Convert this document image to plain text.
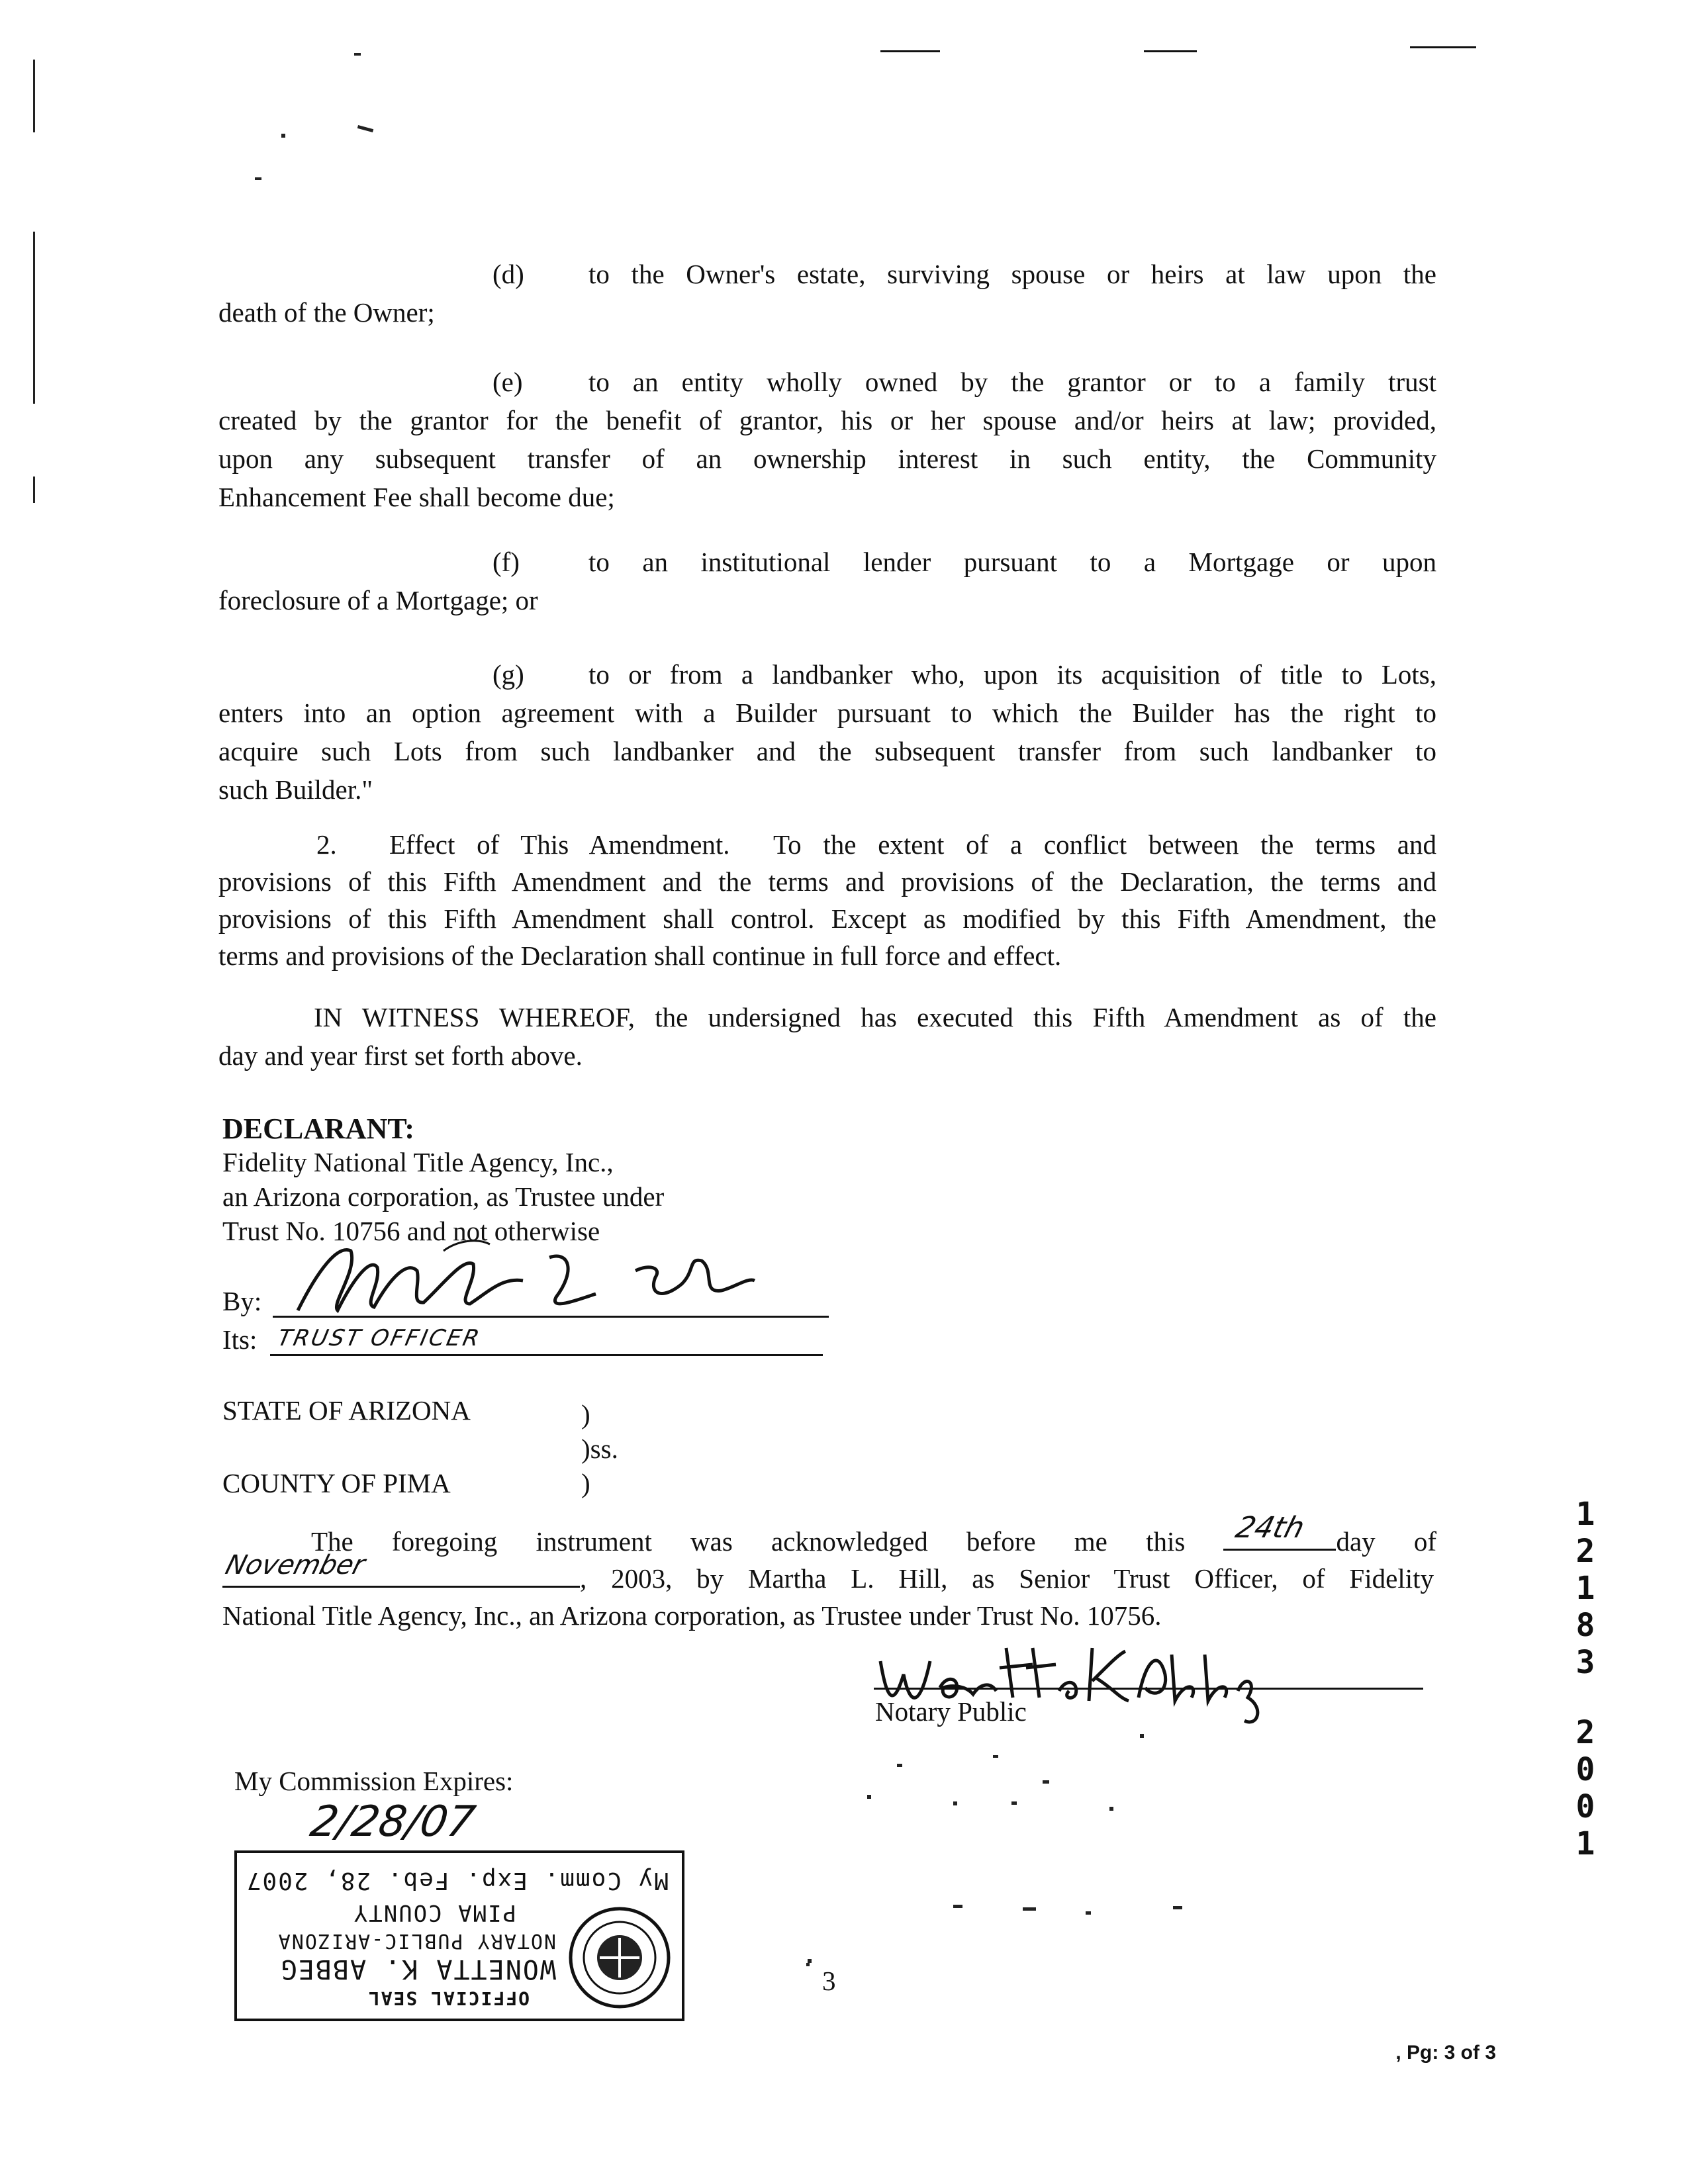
(d) to the Owner's estate, surviving spouse or heirs at law upon the
death of the Owner;
(e) to an entity wholly owned by the grantor or to a family trust
created by the grantor for the benefit of grantor, his or her spouse and/or heirs at law; provided,
upon any subsequent transfer of an ownership interest in such entity, the Community
Enhancement Fee shall become due;
(f)	to an institutional lender pursuant to a Mortgage or upon
foreclosure of a Mortgage; or
(g) to or from a landbanker who, upon its acquisition of title to Lots,
enters into an option agreement with a Builder pursuant to which the Builder has the right to
acquire such Lots from such landbanker and the subsequent transfer from such landbanker to
such Builder."
2. Effect of This Amendment. To the extent of a conflict between the terms and
provisions of this Fifth Amendment and the terms and provisions of the Declaration, the terms and
provisions of this Fifth Amendment shall control. Except as modified by this Fifth Amendment, the
terms and provisions of the Declaration shall continue in full force and effect.
IN WITNESS WHEREOF, the undersigned has executed this Fifth Amendment as of the
day and year first set forth above.
DECLARANT:
Fidelity National Title Agency, Inc.,
an Arizona corporation, as Trustee under
Trust No. 10756 and not otherwise
By:
Its: TRUST OFFICER
STATE OF ARIZONA	)
)ss.
COUNTY OF PIMA	)
The foregoing instrument was acknowledged before me this 24th day of
November	, 2003, by Martha L. Hill, as Senior Trust Officer, of Fidelity
National Title Agency, Inc., an Arizona corporation, as Trustee under Trust No. 10756.
Notary Public
My Commission Expires:
2/28/07
OFFICIAL SEAL
WONETTA K. ABBEG
NOTARY PUBLIC-ARIZONA
PIMA COUNTY
My Comm. Exp. Feb. 28, 2007
3
1
2
1
8
3
2
0
0
1
, Pg: 3 of 3
